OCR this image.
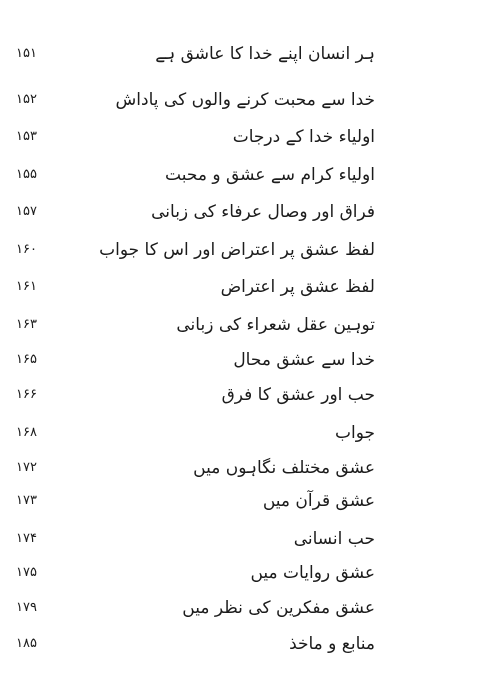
ہر انسان اپنے خدا کا عاشق ہے
۱۵۱
خدا سے محبت کرنے والوں کی پاداش
۱۵۲
اولیاء خدا کے درجات
۱۵۳
اولیاء کرام سے عشق و محبت
۱۵۵
فراق اور وصال عرفاء کی زبانی
۱۵۷
لفظ عشق پر اعتراض اور اس کا جواب
۱۶۰
لفظ عشق پر اعتراض
۱۶۱
توہین عقل شعراء کی زبانی
۱۶۳
خدا سے عشق محال
۱۶۵
حب اور عشق کا فرق
۱۶۶
جواب
۱۶۸
عشق مختلف نگاہوں میں
۱۷۲
عشق قرآن میں
۱۷۳
حب انسانی
۱۷۴
عشق روایات میں
۱۷۵
عشق مفکرین کی نظر میں
۱۷۹
منابع و ماخذ
۱۸۵
